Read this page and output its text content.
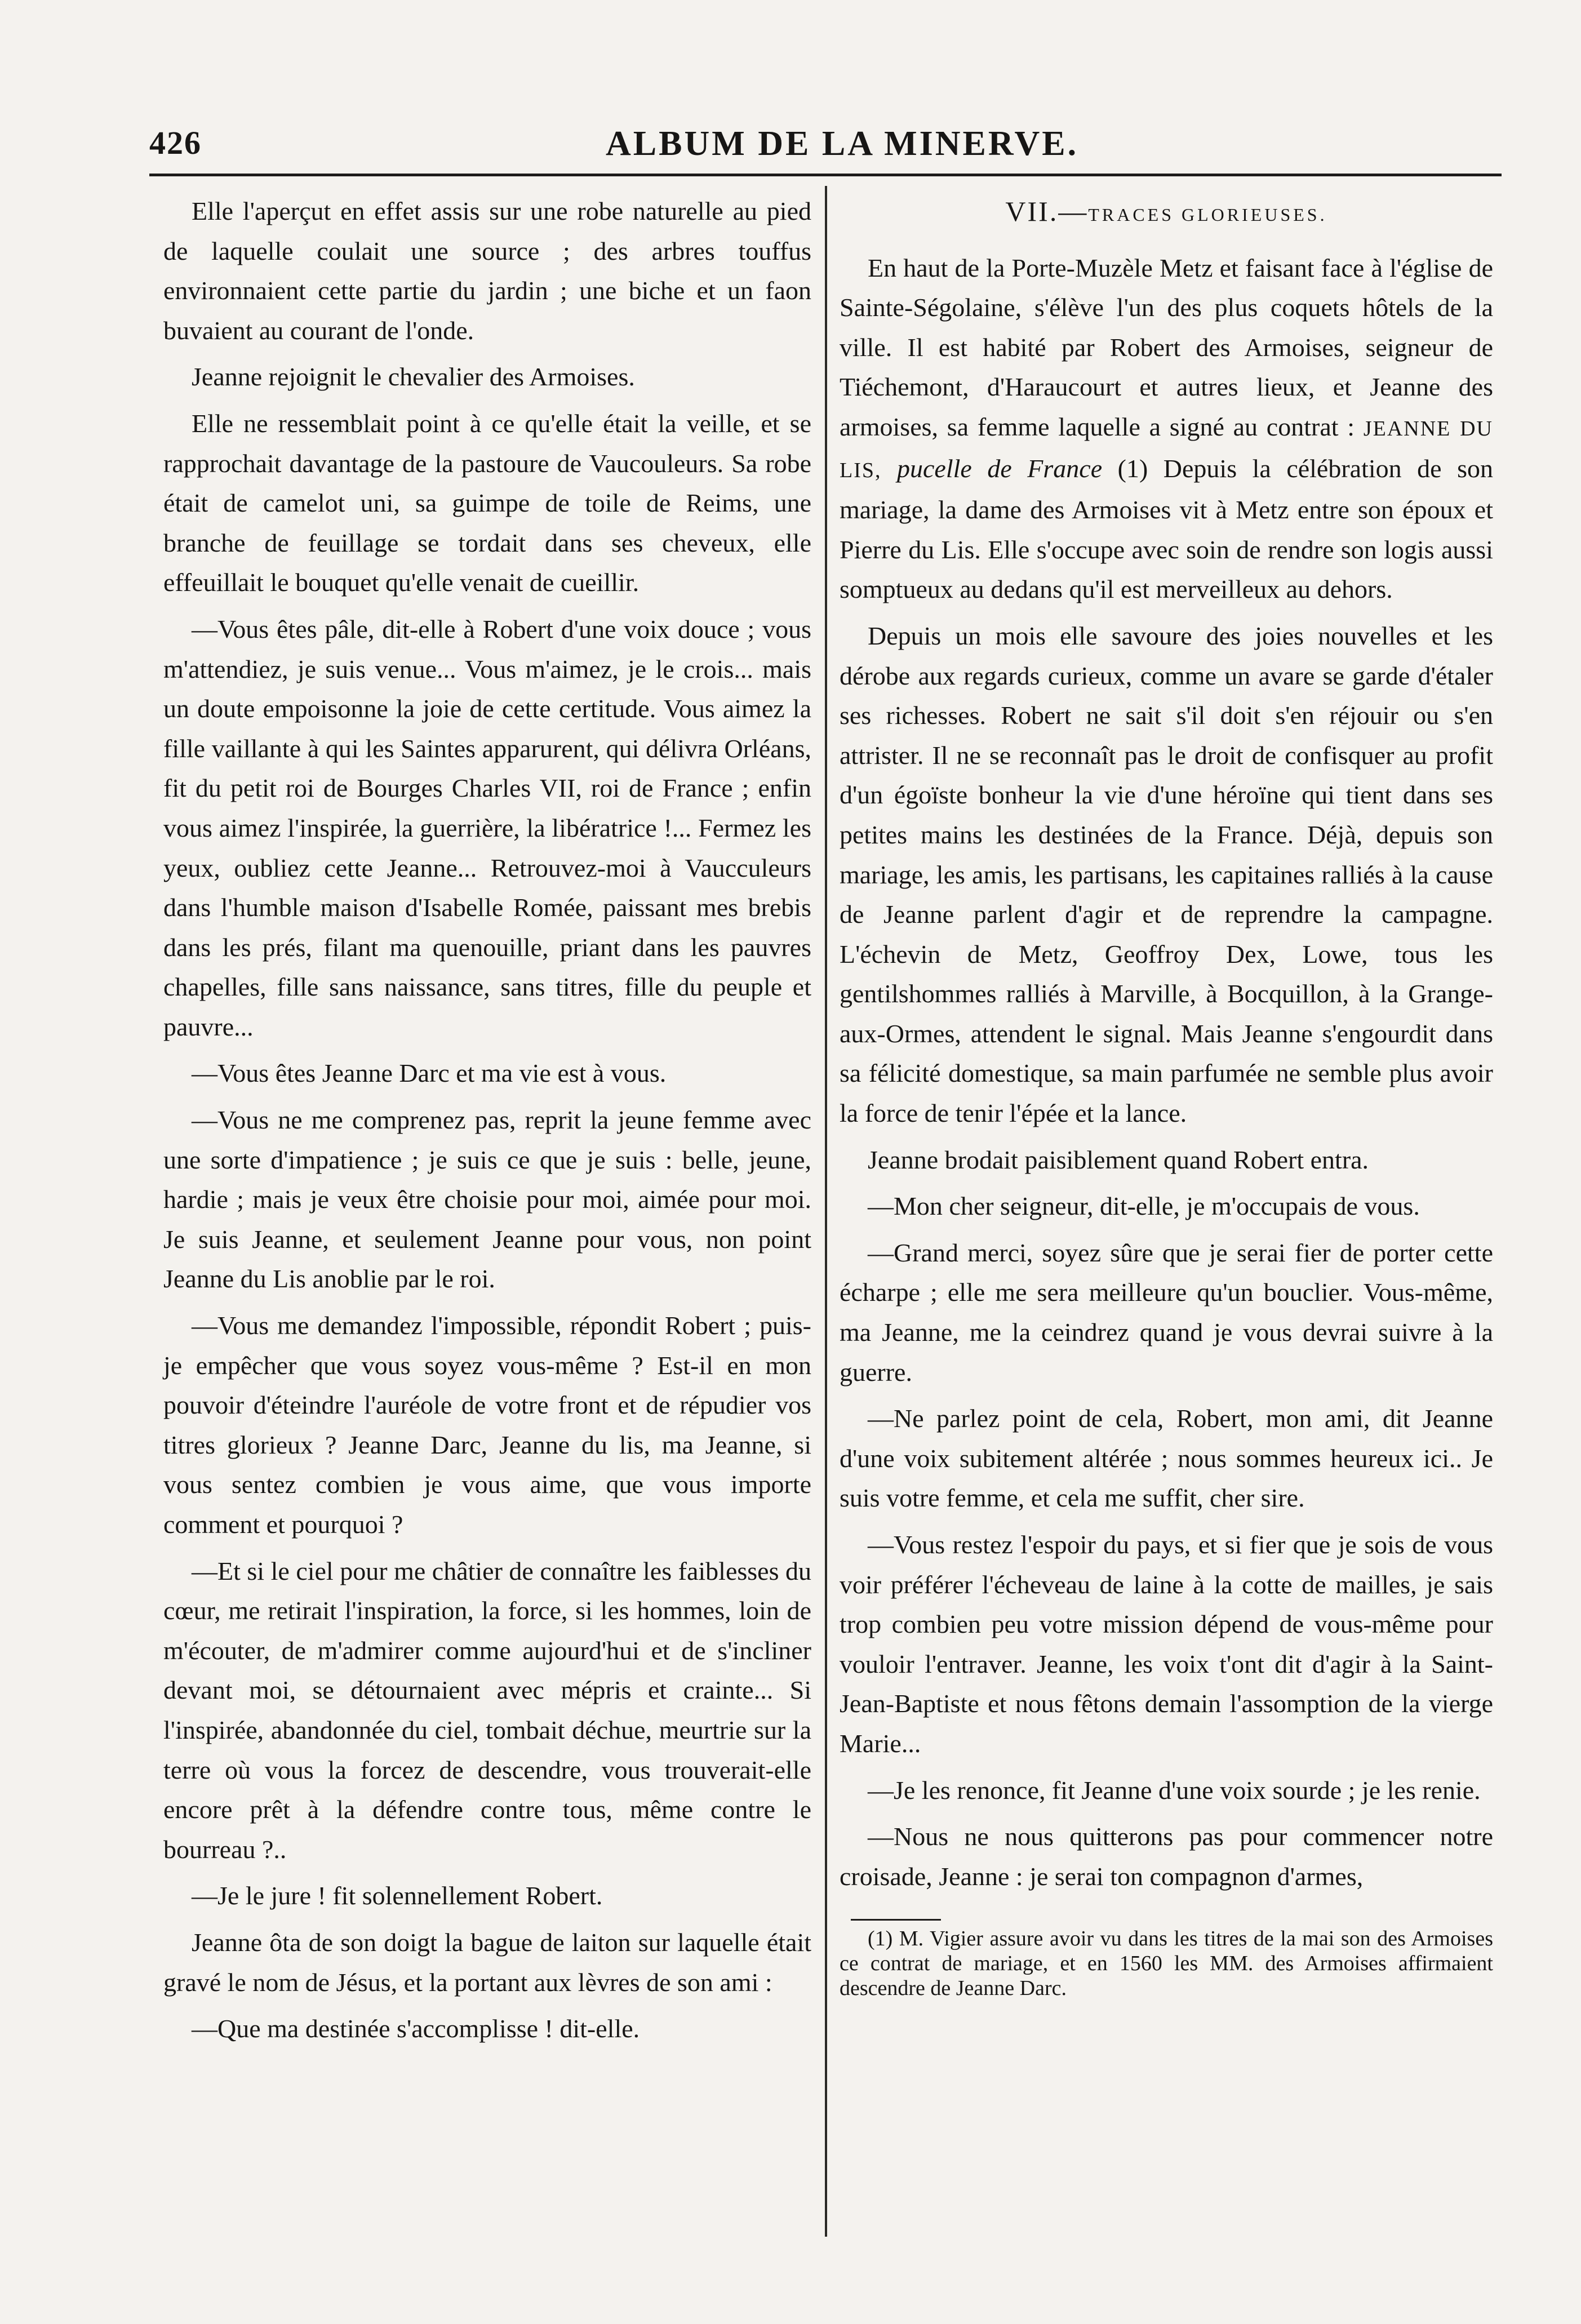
426	ALBUM DE LA MINERVE.

Elle l'aperçut en effet assis sur une robe naturelle au pied de laquelle coulait une source ; des arbres touffus environnaient cette partie du jardin ; une biche et un faon buvaient au courant de l'onde.

Jeanne rejoignit le chevalier des Armoises.

Elle ne ressemblait point à ce qu'elle était la veille, et se rapprochait davantage de la pastoure de Vaucouleurs. Sa robe était de camelot uni, sa guimpe de toile de Reims, une branche de feuillage se tordait dans ses cheveux, elle effeuillait le bouquet qu'elle venait de cueillir.

—Vous êtes pâle, dit-elle à Robert d'une voix douce ; vous m'attendiez, je suis venue... Vous m'aimez, je le crois... mais un doute empoisonne la joie de cette certitude. Vous aimez la fille vaillante à qui les Saintes apparurent, qui délivra Orléans, fit du petit roi de Bourges Charles VII, roi de France ; enfin vous aimez l'inspirée, la guerrière, la libératrice !... Fermez les yeux, oubliez cette Jeanne... Retrouvez-moi à Vaucculeurs dans l'humble maison d'Isabelle Romée, paissant mes brebis dans les prés, filant ma quenouille, priant dans les pauvres chapelles, fille sans naissance, sans titres, fille du peuple et pauvre...

—Vous êtes Jeanne Darc et ma vie est à vous.

—Vous ne me comprenez pas, reprit la jeune femme avec une sorte d'impatience ; je suis ce que je suis : belle, jeune, hardie ; mais je veux être choisie pour moi, aimée pour moi. Je suis Jeanne, et seulement Jeanne pour vous, non point Jeanne du Lis anoblie par le roi.

—Vous me demandez l'impossible, répondit Robert ; puis-je empêcher que vous soyez vous-même ? Est-il en mon pouvoir d'éteindre l'auréole de votre front et de répudier vos titres glorieux ? Jeanne Darc, Jeanne du lis, ma Jeanne, si vous sentez combien je vous aime, que vous importe comment et pourquoi ?

—Et si le ciel pour me châtier de connaître les faiblesses du cœur, me retirait l'inspiration, la force, si les hommes, loin de m'écouter, de m'admirer comme aujourd'hui et de s'incliner devant moi, se détournaient avec mépris et crainte... Si l'inspirée, abandonnée du ciel, tombait déchue, meurtrie sur la terre où vous la forcez de descendre, vous trouverait-elle encore prêt à la défendre contre tous, même contre le bourreau ?..

—Je le jure ! fit solennellement Robert.

Jeanne ôta de son doigt la bague de laiton sur laquelle était gravé le nom de Jésus, et la portant aux lèvres de son ami :

—Que ma destinée s'accomplisse ! dit-elle.

VII.—TRACES GLORIEUSES.

En haut de la Porte-Muzèle Metz et faisant face à l'église de Sainte-Ségolaine, s'élève l'un des plus coquets hôtels de la ville. Il est habité par Robert des Armoises, seigneur de Tiéchemont, d'Haraucourt et autres lieux, et Jeanne des armoises, sa femme laquelle a signé au contrat : JEANNE DU LIS, pucelle de France (1) Depuis la célébration de son mariage, la dame des Armoises vit à Metz entre son époux et Pierre du Lis. Elle s'occupe avec soin de rendre son logis aussi somptueux au dedans qu'il est merveilleux au dehors.

Depuis un mois elle savoure des joies nouvelles et les dérobe aux regards curieux, comme un avare se garde d'étaler ses richesses. Robert ne sait s'il doit s'en réjouir ou s'en attrister. Il ne se reconnaît pas le droit de confisquer au profit d'un égoïste bonheur la vie d'une héroïne qui tient dans ses petites mains les destinées de la France. Déjà, depuis son mariage, les amis, les partisans, les capitaines ralliés à la cause de Jeanne parlent d'agir et de reprendre la campagne. L'échevin de Metz, Geoffroy Dex, Lowe, tous les gentilshommes ralliés à Marville, à Bocquillon, à la Grange-aux-Ormes, attendent le signal. Mais Jeanne s'engourdit dans sa félicité domestique, sa main parfumée ne semble plus avoir la force de tenir l'épée et la lance.

Jeanne brodait paisiblement quand Robert entra.

—Mon cher seigneur, dit-elle, je m'occupais de vous.

—Grand merci, soyez sûre que je serai fier de porter cette écharpe ; elle me sera meilleure qu'un bouclier. Vous-même, ma Jeanne, me la ceindrez quand je vous devrai suivre à la guerre.

—Ne parlez point de cela, Robert, mon ami, dit Jeanne d'une voix subitement altérée ; nous sommes heureux ici.. Je suis votre femme, et cela me suffit, cher sire.

—Vous restez l'espoir du pays, et si fier que je sois de vous voir préférer l'écheveau de laine à la cotte de mailles, je sais trop combien peu votre mission dépend de vous-même pour vouloir l'entraver. Jeanne, les voix t'ont dit d'agir à la Saint-Jean-Baptiste et nous fêtons demain l'assomption de la vierge Marie...

—Je les renonce, fit Jeanne d'une voix sourde ; je les renie.

—Nous ne nous quitterons pas pour commencer notre croisade, Jeanne : je serai ton compagnon d'armes,

(1) M. Vigier assure avoir vu dans les titres de la mai son des Armoises ce contrat de mariage, et en 1560 les MM. des Armoises affirmaient descendre de Jeanne Darc.
